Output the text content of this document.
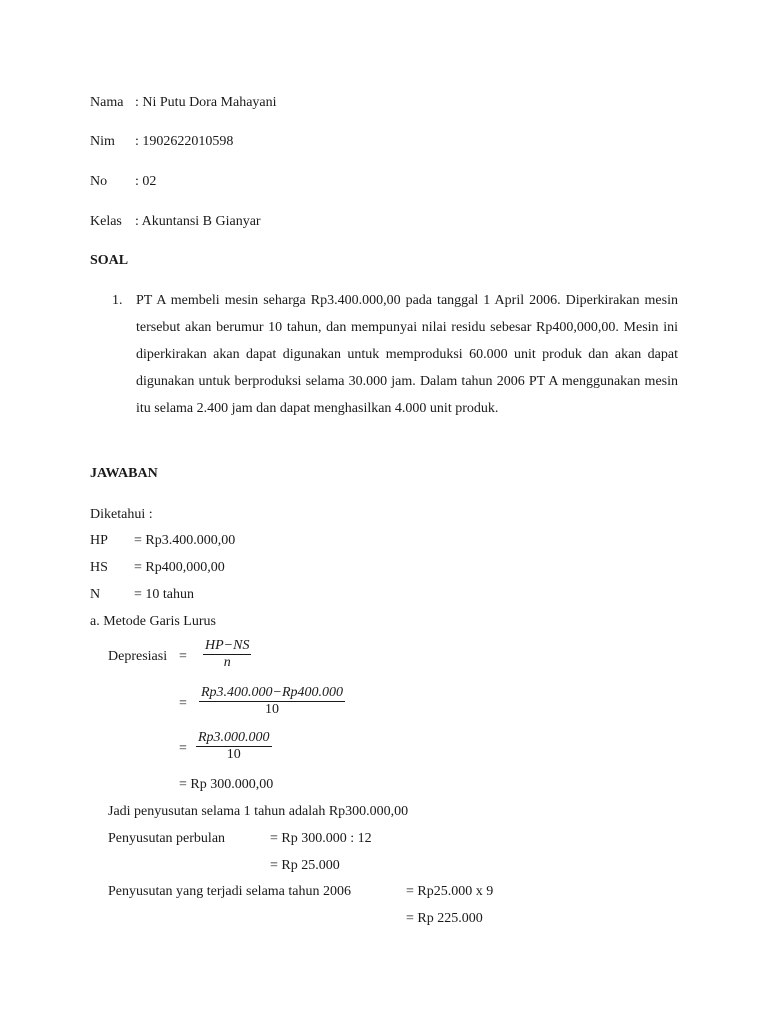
Nama : Ni Putu Dora Mahayani
Nim : 1902622010598
No : 02
Kelas : Akuntansi B Gianyar
SOAL
1. PT A membeli mesin seharga Rp3.400.000,00 pada tanggal 1 April 2006. Diperkirakan mesin tersebut akan berumur 10 tahun, dan mempunyai nilai residu sebesar Rp400,000,00. Mesin ini diperkirakan akan dapat digunakan untuk memproduksi 60.000 unit produk dan akan dapat digunakan untuk berproduksi selama 30.000 jam. Dalam tahun 2006 PT A menggunakan mesin itu selama 2.400 jam dan dapat menghasilkan 4.000 unit produk.
JAWABAN
Diketahui :
HP = Rp3.400.000,00
HS = Rp400,000,00
N = 10 tahun
a. Metode Garis Lurus
Depresiasi = $\frac{HP-NS}{n}$
= $\frac{Rp3.400.000-Rp400.000}{10}$
= $\frac{Rp3.000.000}{10}$
= Rp 300.000,00
Jadi penyusutan selama 1 tahun adalah Rp300.000,00
Penyusutan perbulan	= Rp 300.000 : 12
= Rp 25.000
Penyusutan yang terjadi selama tahun 2006	= Rp25.000 x 9
= Rp 225.000
